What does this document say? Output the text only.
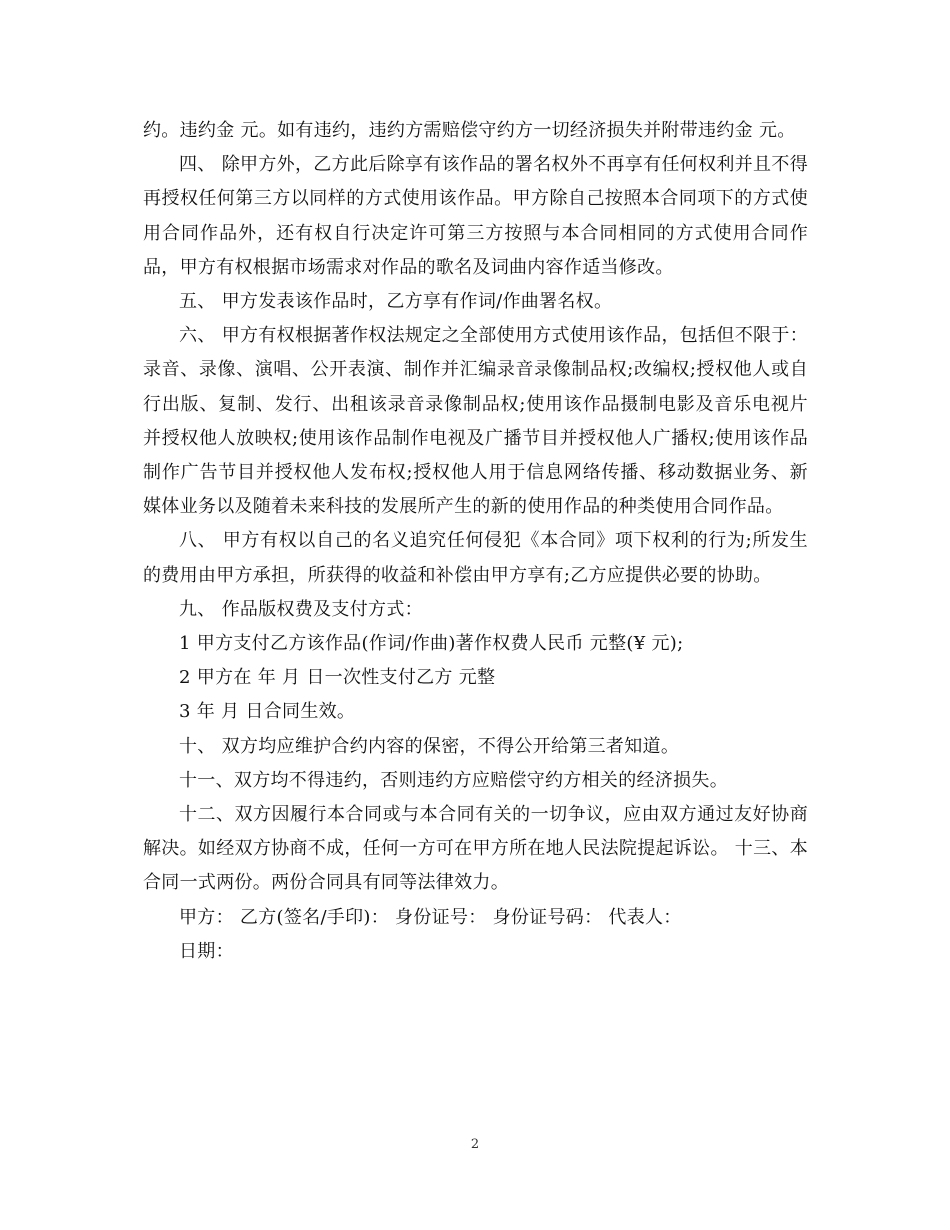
约。违约金 元。如有违约，违约方需赔偿守约方一切经济损失并附带违约金 元。

四、 除甲方外，乙方此后除享有该作品的署名权外不再享有任何权利并且不得再授权任何第三方以同样的方式使用该作品。甲方除自己按照本合同项下的方式使用合同作品外，还有权自行决定许可第三方按照与本合同相同的方式使用合同作品，甲方有权根据市场需求对作品的歌名及词曲内容作适当修改。

五、 甲方发表该作品时，乙方享有作词/作曲署名权。

六、 甲方有权根据著作权法规定之全部使用方式使用该作品，包括但不限于：录音、录像、演唱、公开表演、制作并汇编录音录像制品权;改编权;授权他人或自行出版、复制、发行、出租该录音录像制品权;使用该作品摄制电影及音乐电视片并授权他人放映权;使用该作品制作电视及广播节目并授权他人广播权;使用该作品制作广告节目并授权他人发布权;授权他人用于信息网络传播、移动数据业务、新媒体业务以及随着未来科技的发展所产生的新的使用作品的种类使用合同作品。

八、 甲方有权以自己的名义追究任何侵犯《本合同》项下权利的行为;所发生的费用由甲方承担，所获得的收益和补偿由甲方享有;乙方应提供必要的协助。

九、 作品版权费及支付方式：

1 甲方支付乙方该作品(作词/作曲)著作权费人民币 元整(¥ 元);

2 甲方在 年 月 日一次性支付乙方 元整

3 年 月 日合同生效。

十、 双方均应维护合约内容的保密，不得公开给第三者知道。

十一、双方均不得违约，否则违约方应赔偿守约方相关的经济损失。

十二、双方因履行本合同或与本合同有关的一切争议，应由双方通过友好协商解决。如经双方协商不成，任何一方可在甲方所在地人民法院提起诉讼。 十三、本合同一式两份。两份合同具有同等法律效力。

甲方： 乙方(签名/手印)： 身份证号： 身份证号码： 代表人：

日期：

2
